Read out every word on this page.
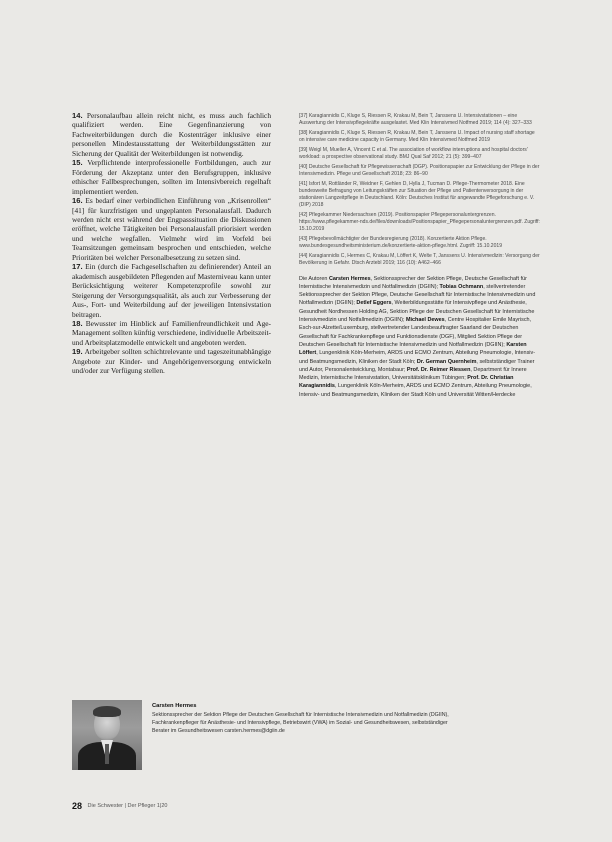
14. Personalaufbau allein reicht nicht, es muss auch fachlich qualifiziert werden. Eine Gegenfinanzierung von Fachweiterbildungen durch die Kostenträger inklusive einer personellen Mindestausstattung der Weiterbildungsstätten zur Sicherung der Qualität der Weiterbildungen ist notwendig.

15. Verpflichtende interprofessionelle Fortbildungen, auch zur Förderung der Akzeptanz unter den Berufsgruppen, inklusive ethischer Fallbesprechungen, sollten im Intensivbereich regelhaft implementiert werden.

16. Es bedarf einer verbindlichen Einführung von „Krisenrollen“ [41] für kurzfristigen und ungeplanten Personalausfall. Dadurch werden nicht erst während der Engpasssituation die Diskussionen eröffnet, welche Tätigkeiten bei Personalausfall priorisiert werden und welche wegfallen. Vielmehr wird im Vorfeld bei Teamsitzungen gemeinsam besprochen und entschieden, welche Prioritäten bei welcher Personalbesetzung zu setzen sind.

17. Ein (durch die Fachgesellschaften zu definierender) Anteil an akademisch ausgebildeten Pflegenden auf Masterniveau kann unter Berücksichtigung weiterer Kompetenzprofile sowohl zur Steigerung der Versorgungsqualität, als auch zur Verbesserung der Aus-, Fort- und Weiterbildung auf der jeweiligen Intensivstation beitragen.

18. Bewusster im Hinblick auf Familienfreundlichkeit und Age-Management sollten künftig verschiedene, individuelle Arbeitszeit- und Arbeitsplatzmodelle entwickelt und angeboten werden.

19. Arbeitgeber sollten schichtrelevante und tageszeitunabhängige Angebote zur Kinder- und Angehörigenversorgung entwickeln und/oder zur Verfügung stellen.

[37] Karagiannidis C, Kluge S, Riessen R, Krakau M, Bein T, Janssens U. Intensivstationen – eine Auswertung der Intensivpflegekräfte ausgelastet. Med Klin Intensivmed Notfmed 2019; 114 (4): 327–333

[38] Karagiannidis C, Kluge S, Riessen R, Krakau M, Bein T, Janssens U. Impact of nursing staff shortage on intensive care medicine capacity in Germany. Med Klin Intensivmed Notfmed 2019

[39] Weigl M, Mueller A, Vincent C et al. The association of workflow interruptions and hospital doctors' workload: a prospective observational study. BMJ Qual Saf 2012; 21 (5): 399–407

[40] Deutsche Gesellschaft für Pflegewissenschaft (DGP). Positionspapier zur Entwicklung der Pflege in der Intensivmedizin. Pflege und Gesellschaft 2018; 23: 86–90

[41] Isfort M, Rottländer R, Weidner F, Gehlen D, Hylla J, Tucman D. Pflege-Thermometer 2018. Eine bundesweite Befragung von Leitungskräften zur Situation der Pflege und Patientenversorgung in der stationären Langzeitpflege in Deutschland. Köln: Deutsches Institut für angewandte Pflegeforschung e. V. (DIP) 2018

[42] Pflegekammer Niedersachsen (2019). Positionspapier Pflegepersonaluntergrenzen. https://www.pflegekammer-nds.de/files/downloads/Positionspapier_Pflegepersonaluntergrenzen.pdf. Zugriff: 15.10.2019

[43] Pflegebevollmächtigter der Bundesregierung (2018). Konzertierte Aktion Pflege. www.bundesgesundheitsministerium.de/konzertierte-aktion-pflege.html. Zugriff: 15.10.2019

[44] Karagiannidis C, Hermes C, Krakau M, Löffert K, Welte T, Janssens U. Intensivmedizin: Versorgung der Bevölkerung in Gefahr. Dtsch Arztebl 2019; 116 (10): A462–466

Die Autoren Carsten Hermes, Sektionssprecher der Sektion Pflege, Deutsche Gesellschaft für Internistische Intensivmedizin und Notfallmedizin (DGIIN); Tobias Ochmann, stellvertretender Sektionssprecher der Sektion Pflege, Deutsche Gesellschaft für Internistische Intensivmedizin und Notfallmedizin (DGIIN); Detlef Eggers, Weiterbildungsstätte für Intensivpflege und Anästhesie, Gesundheit Nordhessen Holding AG, Sektion Pflege der Deutschen Gesellschaft für Internistische Intensivmedizin und Notfallmedizin (DGIIN); Michael Dewes, Centre Hospitalier Emile Mayrisch, Esch-sur-Alzette/Luxemburg, stellvertretender Landesbeauftragter Saarland der Deutschen Gesellschaft für Fachkrankenpflege und Funktionsdienste (DGF), Mitglied Sektion Pflege der Deutschen Gesellschaft für Internistische Intensivmedizin und Notfallmedizin (DGIIN); Karsten Löffert, Lungenklinik Köln-Merheim, ARDS und ECMO Zentrum, Abteilung Pneumologie, Intensiv- und Beatmungsmedizin, Kliniken der Stadt Köln; Dr. German Quernheim, selbstständiger Trainer und Autor, Personalentwicklung, Montabaur; Prof. Dr. Reimer Riessen, Department für Innere Medizin, Internistische Intensivstation, Universitätsklinikum Tübingen; Prof. Dr. Christian Karagiannidis, Lungenklinik Köln-Merheim, ARDS und ECMO Zentrum, Abteilung Pneumologie, Intensiv- und Beatmungsmedizin, Kliniken der Stadt Köln und Universität Witten/Herdecke
Carsten Hermes
Sektionssprecher der Sektion Pflege der Deutschen Gesellschaft für Internistische Intensivmedizin und Notfallmedizin (DGIIN), Fachkrankenpfleger für Anästhesie- und Intensivpflege, Betriebswirt (VWA) im Sozial- und Gesundheitswesen, selbstständiger Berater im Gesundheitswesen carsten.hermes@dgiin.de
28 Die Schwester | Der Pfleger 1|20
